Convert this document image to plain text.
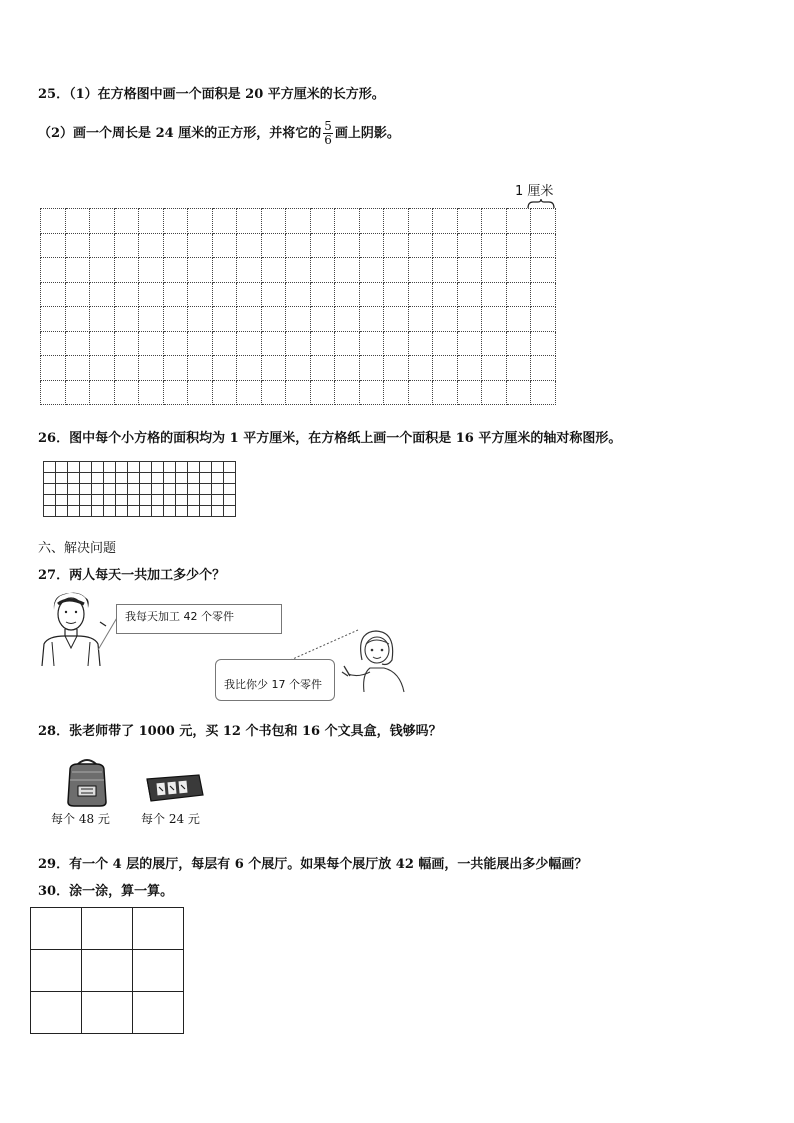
25．（1）在方格图中画一个面积是 20 平方厘米的长方形。
（2）画一个周长是 24 厘米的正方形，并将它的 $\frac{5}{6}$ 画上阴影。
1 厘米

26．图中每个小方格的面积均为 1 平方厘米，在方格纸上画一个面积是 16 平方厘米的轴对称图形。

六、解决问题
27．两人每天一共加工多少个？
我每天加工 42 个零件
我比你少 17 个零件
28．张老师带了 1000 元，买 12 个书包和 16 个文具盒，钱够吗？
每个 48 元	每个 24 元
29．有一个 4 层的展厅，每层有 6 个展厅。如果每个展厅放 42 幅画，一共能展出多少幅画？
30．涂一涂，算一算。
